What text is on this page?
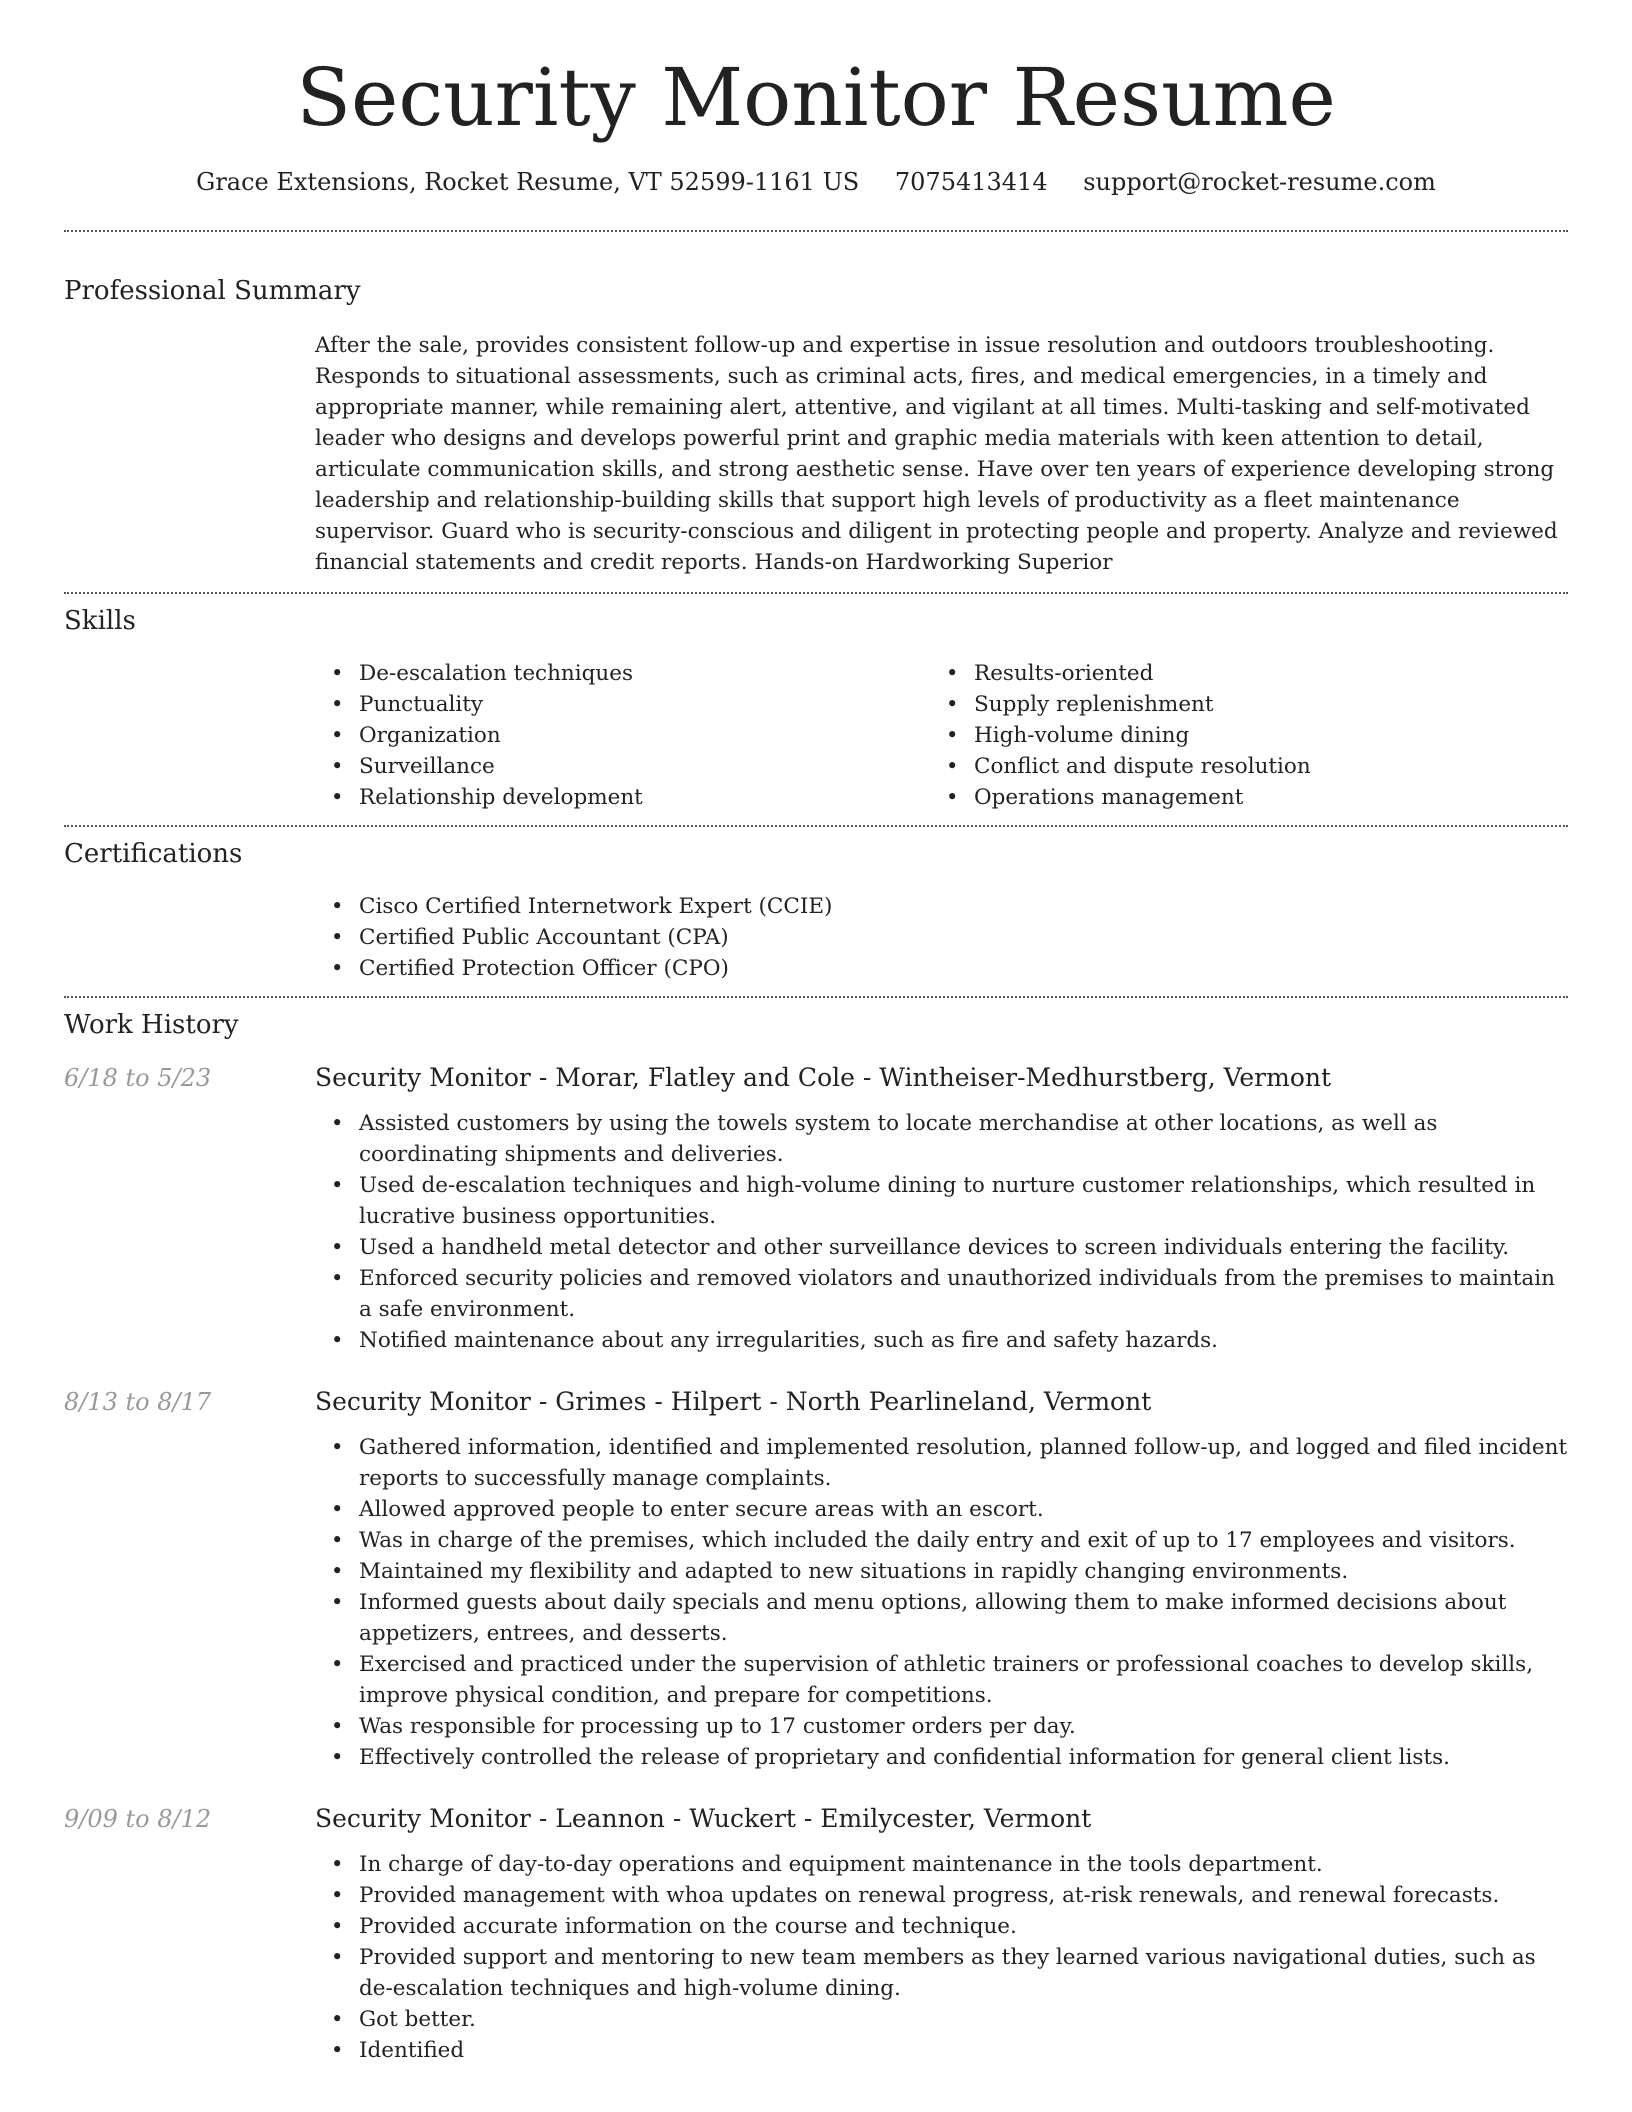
Security Monitor Resume
Grace Extensions, Rocket Resume, VT 52599-1161 US 7075413414 support@rocket-resume.com
Professional Summary

After the sale, provides consistent follow-up and expertise in issue resolution and outdoors troubleshooting. Responds to situational assessments, such as criminal acts, fires, and medical emergencies, in a timely and appropriate manner, while remaining alert, attentive, and vigilant at all times. Multi-tasking and self-motivated leader who designs and develops powerful print and graphic media materials with keen attention to detail, articulate communication skills, and strong aesthetic sense. Have over ten years of experience developing strong leadership and relationship-building skills that support high levels of productivity as a fleet maintenance supervisor. Guard who is security-conscious and diligent in protecting people and property. Analyze and reviewed financial statements and credit reports. Hands-on Hardworking Superior

Skills
• De-escalation techniques
• Punctuality
• Organization
• Surveillance
• Relationship development
• Results-oriented
• Supply replenishment
• High-volume dining
• Conflict and dispute resolution
• Operations management
Certifications
• Cisco Certified Internetwork Expert (CCIE)
• Certified Public Accountant (CPA)
• Certified Protection Officer (CPO)
Work History
6/18 to 5/23	Security Monitor - Morar, Flatley and Cole - Wintheiser-Medhurstberg, Vermont
• Assisted customers by using the towels system to locate merchandise at other locations, as well as coordinating shipments and deliveries.
• Used de-escalation techniques and high-volume dining to nurture customer relationships, which resulted in lucrative business opportunities.
• Used a handheld metal detector and other surveillance devices to screen individuals entering the facility.
• Enforced security policies and removed violators and unauthorized individuals from the premises to maintain a safe environment.
• Notified maintenance about any irregularities, such as fire and safety hazards.
8/13 to 8/17	Security Monitor - Grimes - Hilpert - North Pearlineland, Vermont
• Gathered information, identified and implemented resolution, planned follow-up, and logged and filed incident reports to successfully manage complaints.
• Allowed approved people to enter secure areas with an escort.
• Was in charge of the premises, which included the daily entry and exit of up to 17 employees and visitors.
• Maintained my flexibility and adapted to new situations in rapidly changing environments.
• Informed guests about daily specials and menu options, allowing them to make informed decisions about appetizers, entrees, and desserts.
• Exercised and practiced under the supervision of athletic trainers or professional coaches to develop skills, improve physical condition, and prepare for competitions.
• Was responsible for processing up to 17 customer orders per day.
• Effectively controlled the release of proprietary and confidential information for general client lists.
9/09 to 8/12	Security Monitor - Leannon - Wuckert - Emilycester, Vermont
• In charge of day-to-day operations and equipment maintenance in the tools department.
• Provided management with whoa updates on renewal progress, at-risk renewals, and renewal forecasts.
• Provided accurate information on the course and technique.
• Provided support and mentoring to new team members as they learned various navigational duties, such as de-escalation techniques and high-volume dining.
• Got better.
• Identified
